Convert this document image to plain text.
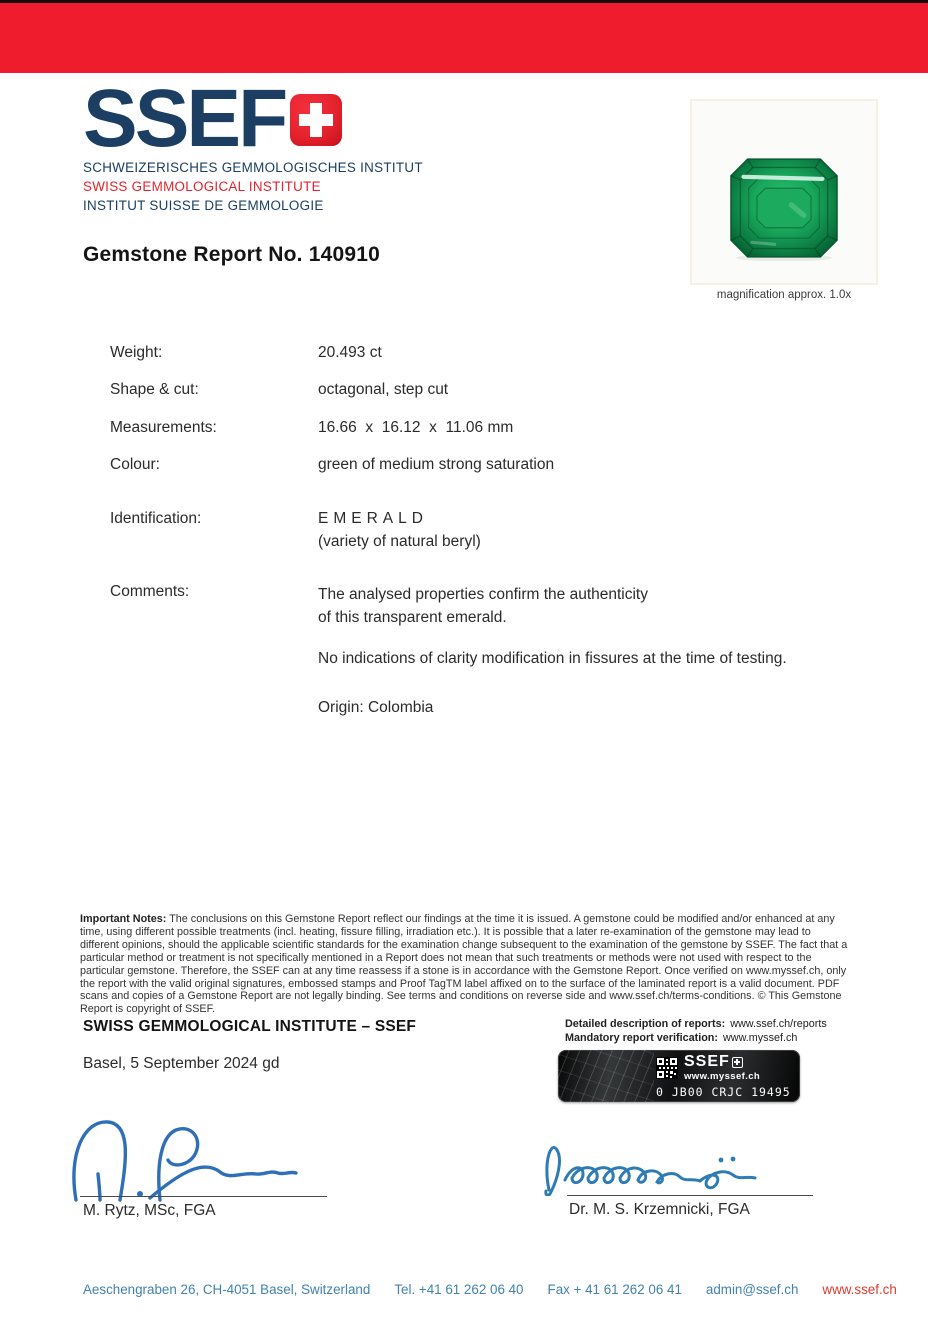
SSEF
SCHWEIZERISCHES GEMMOLOGISCHES INSTITUT
SWISS GEMMOLOGICAL INSTITUTE
INSTITUT SUISSE DE GEMMOLOGIE
magnification approx. 1.0x
Gemstone Report No. 140910
Weight:	20.493 ct
Shape & cut:	octagonal, step cut
Measurements:	16.66  x  16.12  x  11.06 mm
Colour:	green of medium strong saturation
Identification:	EMERALD
(variety of natural beryl)
Comments:	The analysed properties confirm the authenticity
of this transparent emerald.
No indications of clarity modification in fissures at the time of testing.
Origin: Colombia
Important Notes: The conclusions on this Gemstone Report reflect our findings at the time it is issued. A gemstone could be modified and/or enhanced at any time, using different possible treatments (incl. heating, fissure filling, irradiation etc.). It is possible that a later re-examination of the gemstone may lead to different opinions, should the applicable scientific standards for the examination change subsequent to the examination of the gemstone by SSEF. The fact that a particular method or treatment is not specifically mentioned in a Report does not mean that such treatments or methods were not used with respect to the particular gemstone. Therefore, the SSEF can at any time reassess if a stone is in accordance with the Gemstone Report. Once verified on www.myssef.ch, only the report with the valid original signatures, embossed stamps and Proof TagTM label affixed on to the surface of the laminated report is a valid document. PDF scans and copies of a Gemstone Report are not legally binding. See terms and conditions on reverse side and www.ssef.ch/terms-conditions. © This Gemstone Report is copyright of SSEF.
SWISS GEMMOLOGICAL INSTITUTE – SSEF	Detailed description of reports: www.ssef.ch/reports
Mandatory report verification: www.myssef.ch
Basel, 5 September 2024 gd	SSEF
www.myssef.ch
0 JB00 CRJC 19495
M. Rytz, MSc, FGA	Dr. M. S. Krzemnicki, FGA
Aeschengraben 26, CH-4051 Basel, Switzerland Tel. +41 61 262 06 40 Fax + 41 61 262 06 41 admin@ssef.ch www.ssef.ch
